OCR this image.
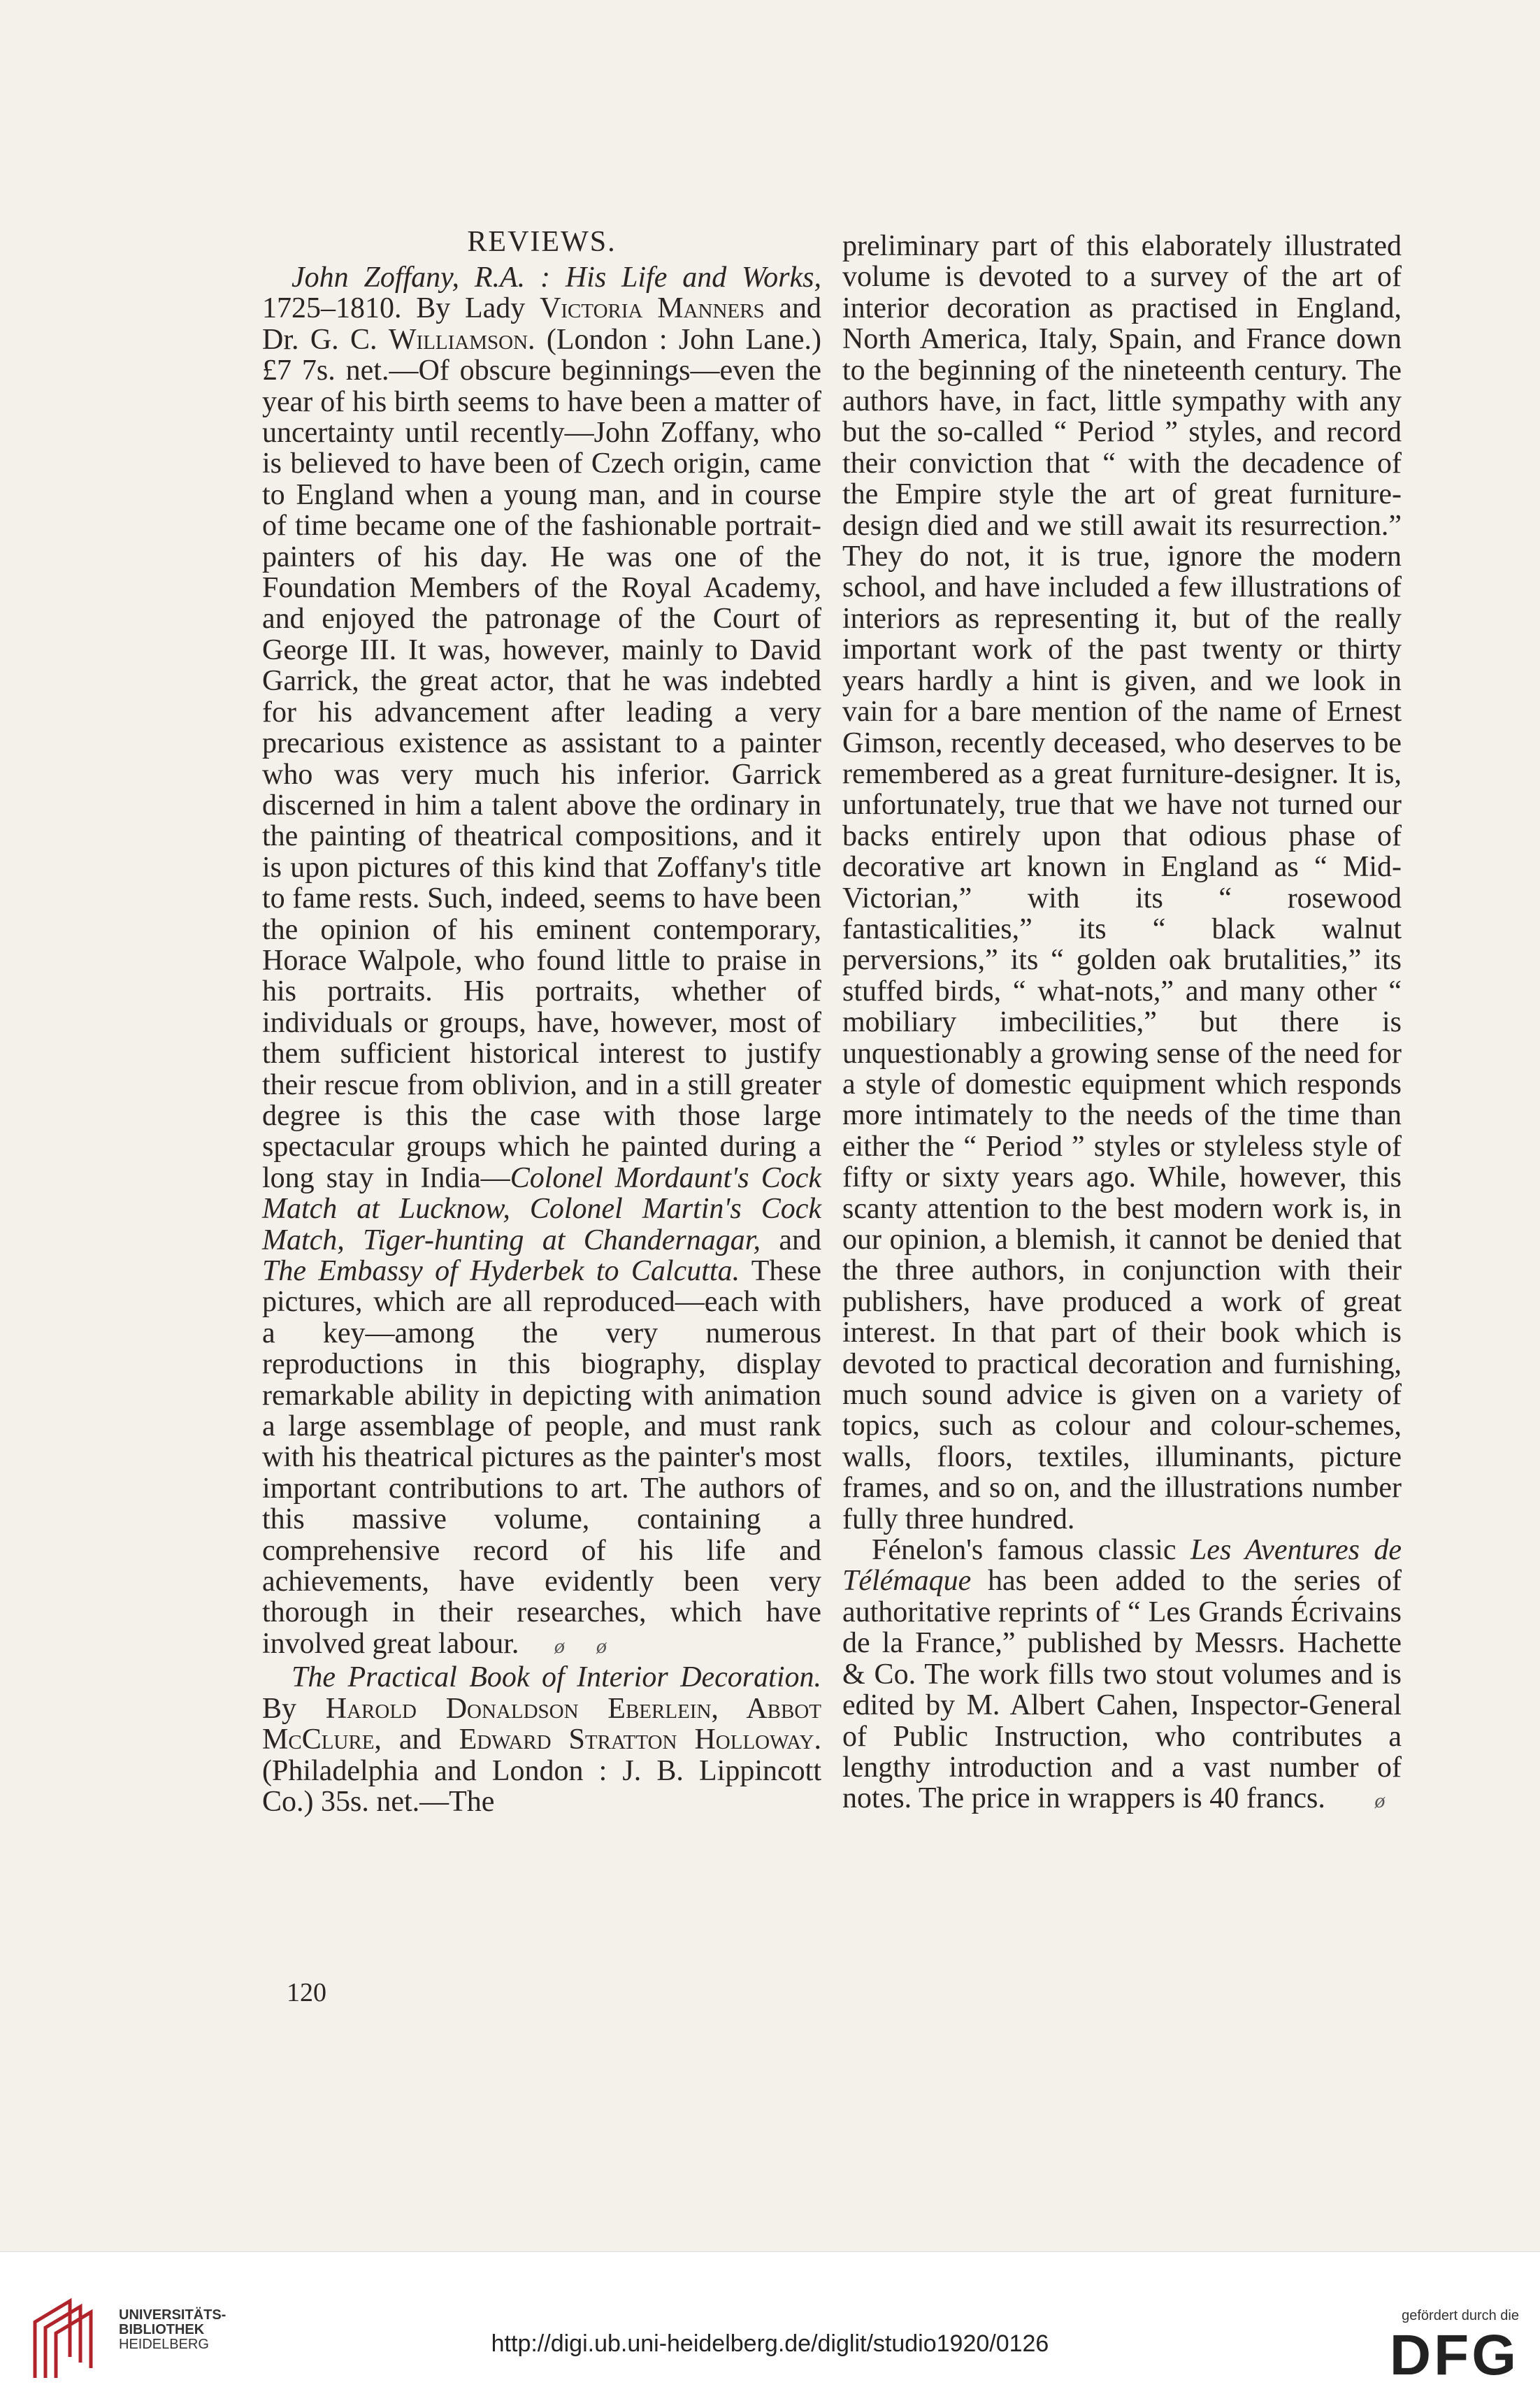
REVIEWS.

John Zoffany, R.A. : His Life and Works, 1725–1810. By Lady Victoria Manners and Dr. G. C. Williamson. (London : John Lane.) £7 7s. net.—Of obscure beginnings—even the year of his birth seems to have been a matter of uncertainty until recently—John Zoffany, who is believed to have been of Czech origin, came to England when a young man, and in course of time became one of the fashionable portrait-painters of his day. He was one of the Foundation Members of the Royal Academy, and enjoyed the patronage of the Court of George III. It was, however, mainly to David Garrick, the great actor, that he was indebted for his advancement after leading a very precarious existence as assistant to a painter who was very much his inferior. Garrick discerned in him a talent above the ordinary in the painting of theatrical compositions, and it is upon pictures of this kind that Zoffany's title to fame rests. Such, indeed, seems to have been the opinion of his eminent contemporary, Horace Walpole, who found little to praise in his portraits. His portraits, whether of individuals or groups, have, however, most of them sufficient historical interest to justify their rescue from oblivion, and in a still greater degree is this the case with those large spectacular groups which he painted during a long stay in India—Colonel Mordaunt's Cock Match at Lucknow, Colonel Martin's Cock Match, Tiger-hunting at Chandernagar, and The Embassy of Hyderbek to Calcutta. These pictures, which are all reproduced—each with a key—among the very numerous reproductions in this biography, display remarkable ability in depicting with animation a large assemblage of people, and must rank with his theatrical pictures as the painter's most important contributions to art. The authors of this massive volume, containing a comprehensive record of his life and achievements, have evidently been very thorough in their researches, which have involved great labour. ø      ø

The Practical Book of Interior Decoration. By Harold Donaldson Eberlein, Abbot McClure, and Edward Stratton Holloway. (Philadelphia and London : J. B. Lippincott Co.) 35s. net.—The

preliminary part of this elaborately illustrated volume is devoted to a survey of the art of interior decoration as practised in England, North America, Italy, Spain, and France down to the beginning of the nineteenth century. The authors have, in fact, little sympathy with any but the so-called “ Period ” styles, and record their conviction that “ with the decadence of the Empire style the art of great furniture-design died and we still await its resurrection.” They do not, it is true, ignore the modern school, and have included a few illustrations of interiors as representing it, but of the really important work of the past twenty or thirty years hardly a hint is given, and we look in vain for a bare mention of the name of Ernest Gimson, recently deceased, who deserves to be remembered as a great furniture-designer. It is, unfortunately, true that we have not turned our backs entirely upon that odious phase of decorative art known in England as “ Mid-Victorian,” with its “ rosewood fantasticalities,” its “ black walnut perversions,” its “ golden oak brutalities,” its stuffed birds, “ what-nots,” and many other “ mobiliary imbecilities,” but there is unquestionably a growing sense of the need for a style of domestic equipment which responds more intimately to the needs of the time than either the “ Period ” styles or styleless style of fifty or sixty years ago. While, however, this scanty attention to the best modern work is, in our opinion, a blemish, it cannot be denied that the three authors, in conjunction with their publishers, have produced a work of great interest. In that part of their book which is devoted to practical decoration and furnishing, much sound advice is given on a variety of topics, such as colour and colour-schemes, walls, floors, textiles, illuminants, picture frames, and so on, and the illustrations number fully three hundred.

Fénelon's famous classic Les Aventures de Télémaque has been added to the series of authoritative reprints of “ Les Grands Écrivains de la France,” published by Messrs. Hachette & Co. The work fills two stout volumes and is edited by M. Albert Cahen, Inspector-General of Public Instruction, who contributes a lengthy introduction and a vast number of notes. The price in wrappers is 40 francs. ø

120
UNIVERSITÄTS-
BIBLIOTHEK
HEIDELBERG	http://digi.ub.uni-heidelberg.de/diglit/studio1920/0126
gefördert durch die
DFG
